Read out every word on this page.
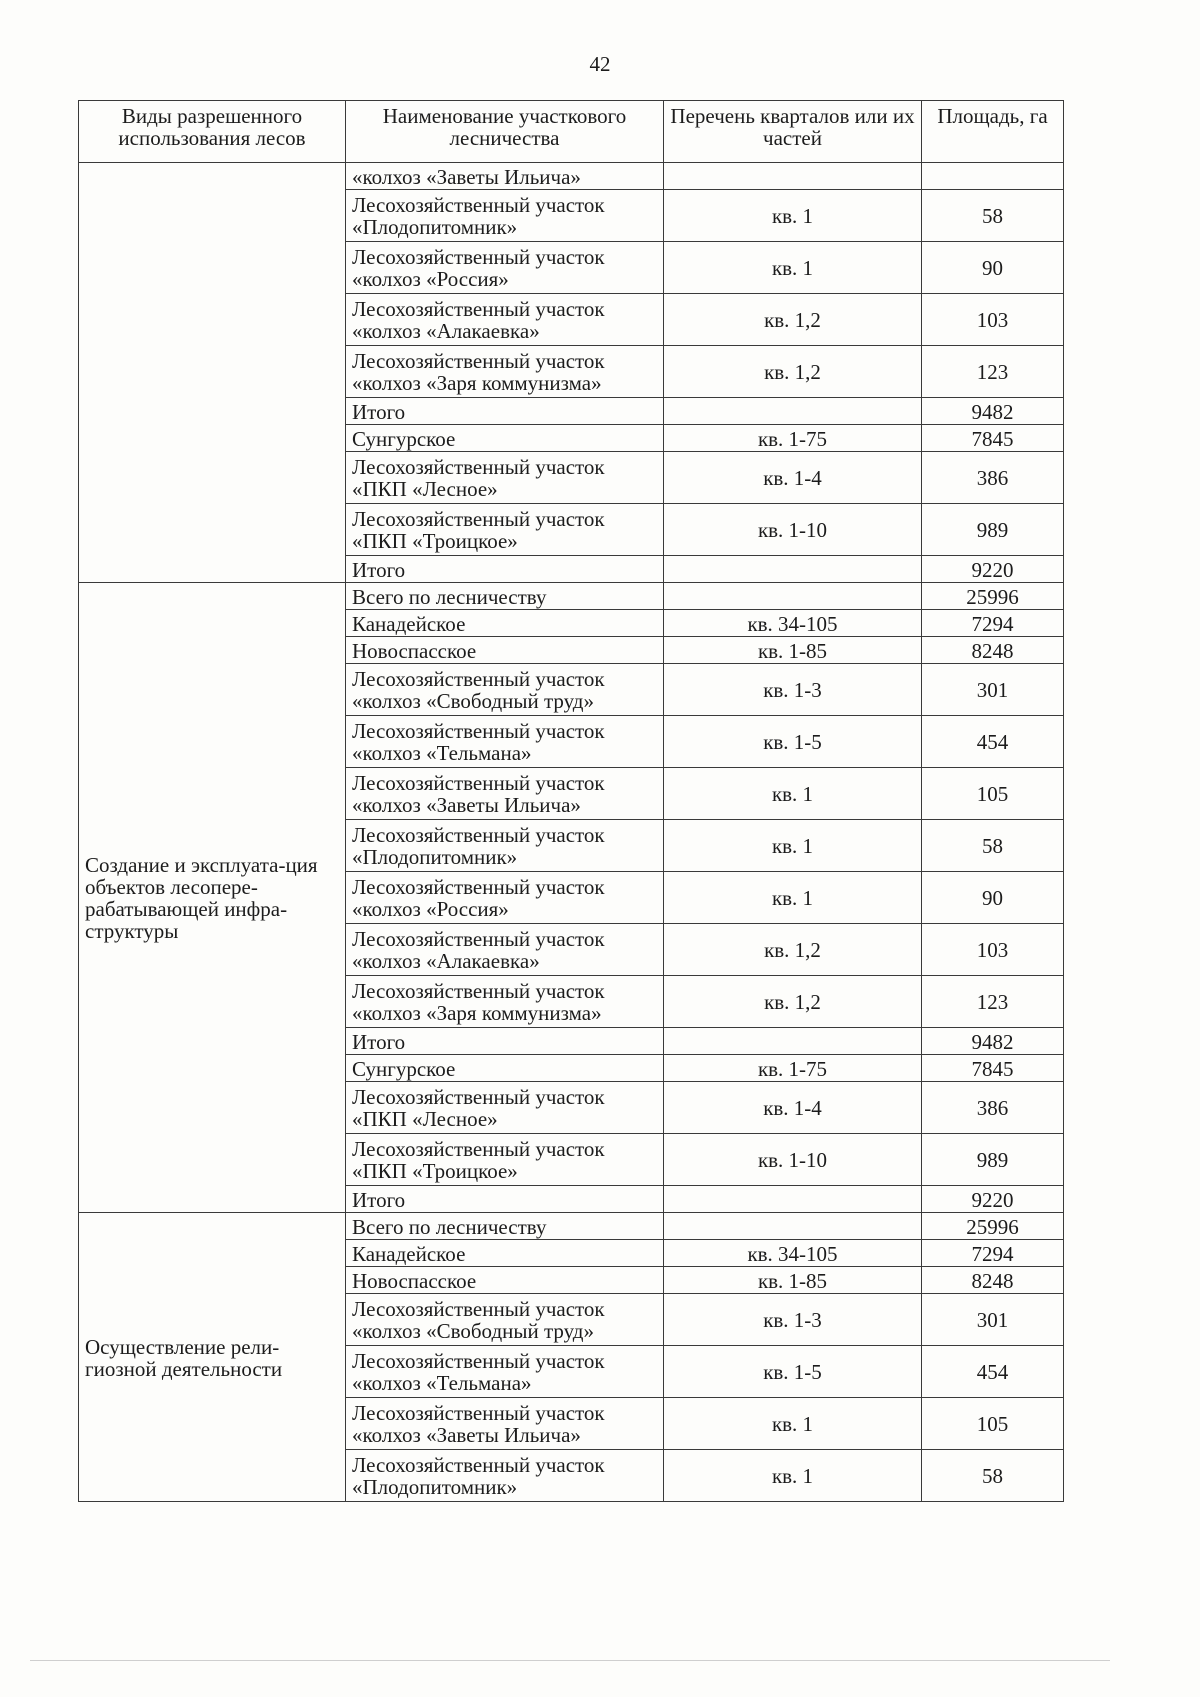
42
Виды разрешенного использования лесов	Наименование участкового лесничества	Перечень кварталов или их частей	Площадь, га
	«колхоз «Заветы Ильича»		
	Лесохозяйственный участок «Плодопитомник»	кв. 1	58
	Лесохозяйственный участок «колхоз «Россия»	кв. 1	90
	Лесохозяйственный участок «колхоз «Алакаевка»	кв. 1,2	103
	Лесохозяйственный участок «колхоз «Заря коммунизма»	кв. 1,2	123
	Итого		9482
	Сунгурское	кв. 1-75	7845
	Лесохозяйственный участок «ПКП «Лесное»	кв. 1-4	386
	Лесохозяйственный участок «ПКП «Троицкое»	кв. 1-10	989
	Итого		9220
Создание и эксплуата-ция объектов лесопере-рабатывающей инфра-структуры	Всего по лесничеству		25996
	Канадейское	кв. 34-105	7294
	Новоспасское	кв. 1-85	8248
	Лесохозяйственный участок «колхоз «Свободный труд»	кв. 1-3	301
	Лесохозяйственный участок «колхоз «Тельмана»	кв. 1-5	454
	Лесохозяйственный участок «колхоз «Заветы Ильича»	кв. 1	105
	Лесохозяйственный участок «Плодопитомник»	кв. 1	58
	Лесохозяйственный участок «колхоз «Россия»	кв. 1	90
	Лесохозяйственный участок «колхоз «Алакаевка»	кв. 1,2	103
	Лесохозяйственный участок «колхоз «Заря коммунизма»	кв. 1,2	123
	Итого		9482
	Сунгурское	кв. 1-75	7845
	Лесохозяйственный участок «ПКП «Лесное»	кв. 1-4	386
	Лесохозяйственный участок «ПКП «Троицкое»	кв. 1-10	989
	Итого		9220
Осуществление рели-гиозной деятельности	Всего по лесничеству		25996
	Канадейское	кв. 34-105	7294
	Новоспасское	кв. 1-85	8248
	Лесохозяйственный участок «колхоз «Свободный труд»	кв. 1-3	301
	Лесохозяйственный участок «колхоз «Тельмана»	кв. 1-5	454
	Лесохозяйственный участок «колхоз «Заветы Ильича»	кв. 1	105
	Лесохозяйственный участок «Плодопитомник»	кв. 1	58
